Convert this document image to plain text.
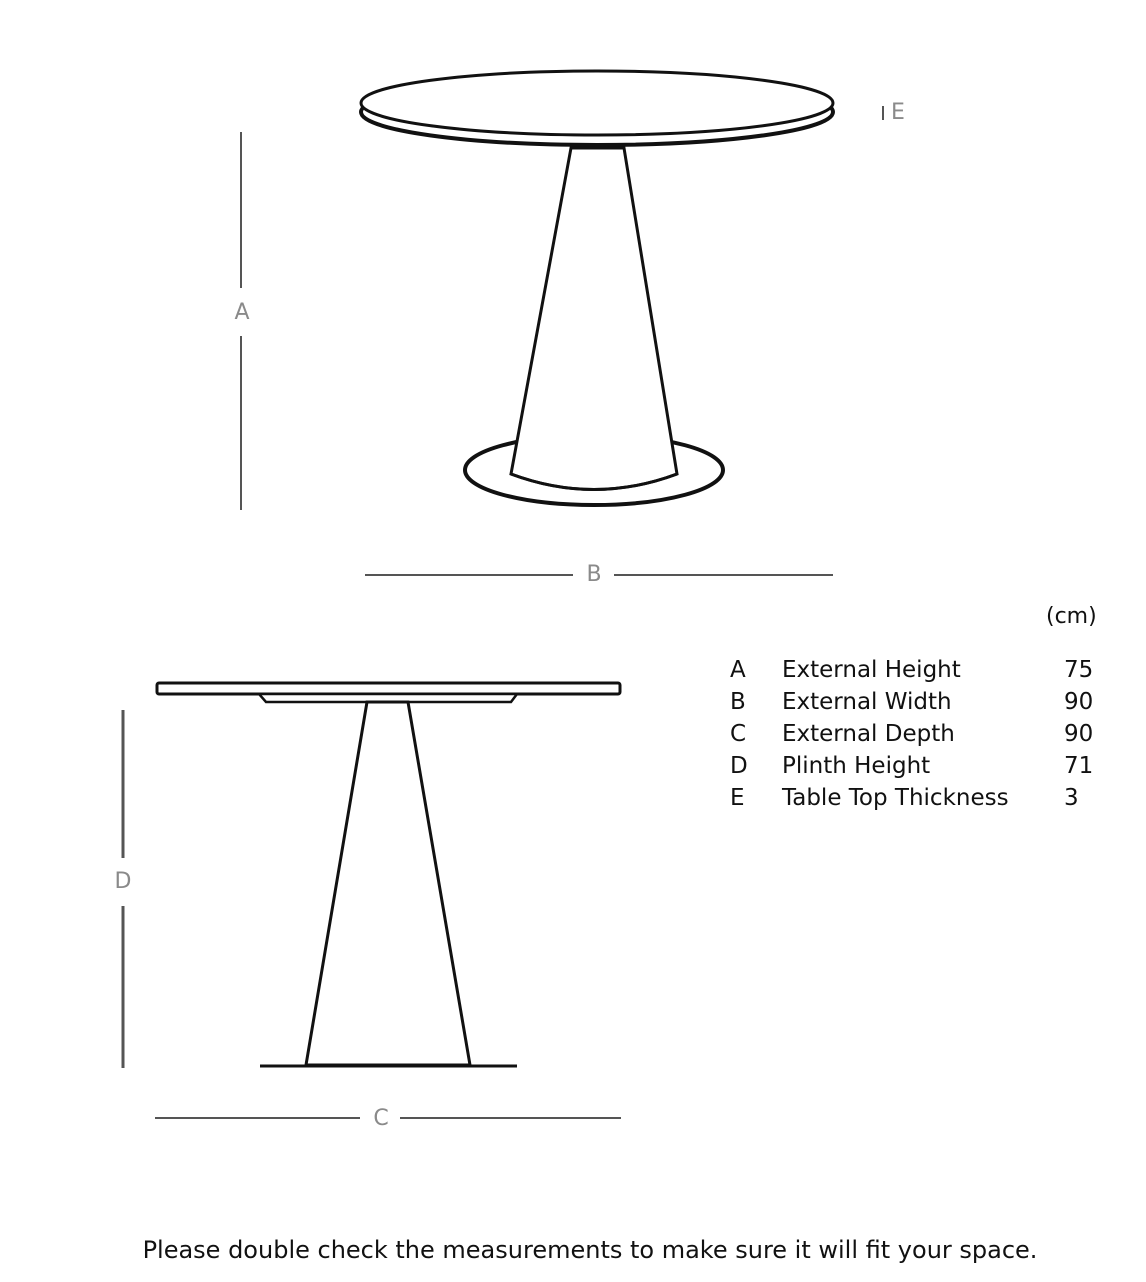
A
B
E
D
C
(cm)
A	External Height	75
B	External Width	90
C	External Depth	90
D	Plinth Height	71
E	Table Top Thickness	3
Please double check the measurements to make sure it will fit your space.
